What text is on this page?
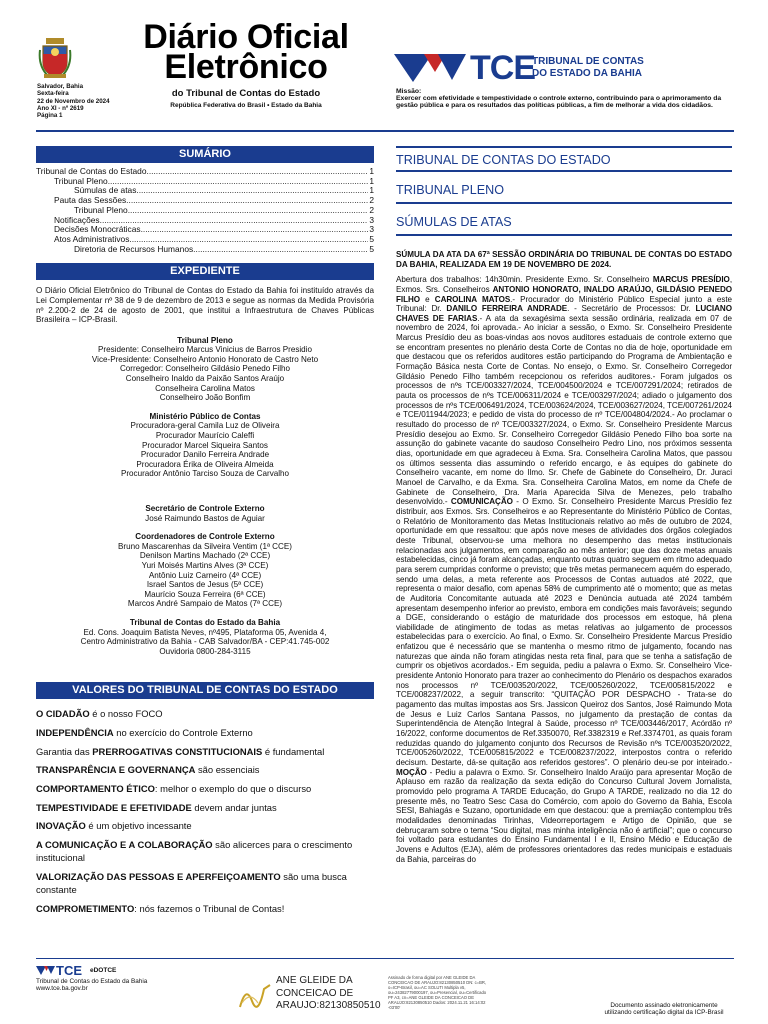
Salvador, Bahia
Sexta-feira
22 de Novembro de 2024
Ano XI - nº 2619
Página 1
Diário Oficial
Eletrônico
do Tribunal de Contas do Estado
República Federativa do Brasil • Estado da Bahia
TCE
TRIBUNAL DE CONTAS
DO ESTADO DA BAHIA
Missão:
Exercer com efetividade e tempestividade o controle externo, contribuindo para o aprimoramento da gestão pública e para os resultados das políticas públicas, a fim de melhorar a vida dos cidadãos.
SUMÁRIO
Tribunal de Contas do Estado .....	1
Tribunal Pleno .....	1
Súmulas de atas .....	1
Pauta das Sessões .....	2
Tribunal Pleno .....	2
Notificações .....	3
Decisões Monocráticas .....	3
Atos Administrativos .....	5
Diretoria de Recursos Humanos .....	5
EXPEDIENTE
O Diário Oficial Eletrônico do Tribunal de Contas do Estado da Bahia foi instituído através da Lei Complementar nº 38 de 9 de dezembro de 2013 e segue as normas da Medida Provisória nº 2.200-2 de 24 de agosto de 2001, que institui a Infraestrutura de Chaves Públicas Brasileira – ICP-Brasil.
Tribunal Pleno
Presidente: Conselheiro Marcus Vinicius de Barros Presidio
Vice-Presidente: Conselheiro Antonio Honorato de Castro Neto
Corregedor: Conselheiro Gildásio Penedo Filho
Conselheiro Inaldo da Paixão Santos Araújo
Conselheira Carolina Matos
Conselheiro João Bonfim
Ministério Público de Contas
Procuradora-geral Camila Luz de Oliveira
Procurador Maurício Caleffi
Procurador Marcel Siqueira Santos
Procurador Danilo Ferreira Andrade
Procuradora Érika de Oliveira Almeida
Procurador Antônio Tarciso Souza de Carvalho
Secretário de Controle Externo
José Raimundo Bastos de Aguiar
Coordenadores de Controle Externo
Bruno Mascarenhas da Silveira Ventim (1ª CCE)
Denilson Martins Machado (2ª CCE)
Yuri Moisés Martins Alves (3ª CCE)
Antônio Luiz Carneiro (4ª CCE)
Israel Santos de Jesus (5ª CCE)
Maurício Souza Ferreira (6ª CCE)
Marcos André Sampaio de Matos (7ª CCE)
Tribunal de Contas do Estado da Bahia
Ed. Cons. Joaquim Batista Neves, nº495, Plataforma 05, Avenida 4,
Centro Administrativo da Bahia - CAB Salvador/BA - CEP:41.745-002
Ouvidoria 0800-284-3115
VALORES DO TRIBUNAL DE CONTAS DO ESTADO
O CIDADÃO é o nosso FOCO
INDEPENDÊNCIA no exercício do Controle Externo
Garantia das PRERROGATIVAS CONSTITUCIONAIS é fundamental
TRANSPARÊNCIA E GOVERNANÇA são essenciais
COMPORTAMENTO ÉTICO: melhor o exemplo do que o discurso
TEMPESTIVIDADE E EFETIVIDADE devem andar juntas
INOVAÇÃO é um objetivo incessante
A COMUNICAÇÃO E A COLABORAÇÃO são alicerces para o crescimento institucional
VALORIZAÇÃO DAS PESSOAS E APERFEIÇOAMENTO são uma busca constante
COMPROMETIMENTO: nós fazemos o Tribunal de Contas!
TRIBUNAL DE CONTAS DO ESTADO
TRIBUNAL PLENO
SÚMULAS DE ATAS
SÚMULA DA ATA DA 67ª SESSÃO ORDINÁRIA DO TRIBUNAL DE CONTAS DO ESTADO DA BAHIA, REALIZADA EM 19 DE NOVEMBRO DE 2024.
Abertura dos trabalhos: 14h30min. Presidente Exmo. Sr. Conselheiro MARCUS PRESÍDIO, Exmos. Srs. Conselheiros ANTONIO HONORATO, INALDO ARAÚJO, GILDÁSIO PENEDO FILHO e CAROLINA MATOS.- Procurador do Ministério Público Especial junto a este Tribunal: Dr. DANILO FERREIRA ANDRADE. - Secretário de Processos: Dr. LUCIANO CHAVES DE FARIAS.- A ata da sexagésima sexta sessão ordinária, realizada em 07 de novembro de 2024, foi aprovada.- Ao iniciar a sessão, o Exmo. Sr. Conselheiro Presidente Marcus Presídio deu as boas-vindas aos novos auditores estaduais de controle externo que se encontram presentes no plenário desta Corte de Contas no dia de hoje, oportunidade em que destacou que os referidos auditores estão participando do Programa de Ambientação e Formação Básica nesta Corte de Contas. No ensejo, o Exmo. Sr. Conselheiro Corregedor Gildásio Penedo Filho também recepcionou os referidos auditores.- Foram julgados os processos de nºs TCE/003327/2024, TCE/004500/2024 e TCE/007291/2024; retirados de pauta os processos de nºs TCE/006311/2024 e TCE/003297/2024; adiado o julgamento dos processos de nºs TCE/006491/2024, TCE/003624/2024, TCE/003627/2024, TCE/007261/2024 e TCE/011944/2023; e pedido de vista do processo de nº TCE/004804/2024.- Ao proclamar o resultado do processo de nº TCE/003327/2024, o Exmo. Sr. Conselheiro Presidente Marcus Presídio desejou ao Exmo. Sr. Conselheiro Corregedor Gildásio Penedo Filho boa sorte na assunção do gabinete vacante do saudoso Conselheiro Pedro Lino, nos próximos sessenta dias, oportunidade em que agradeceu à Exma. Sra. Conselheira Carolina Matos, que passou os últimos sessenta dias assumindo o referido encargo, e às equipes do gabinete do Conselheiro vacante, em nome do Ilmo. Sr. Chefe de Gabinete do Conselheiro, Dr. Juraci Manoel de Carvalho, e da Exma. Sra. Conselheira Carolina Matos, em nome da Chefe de Gabinete de Conselheiro, Dra. Maria Aparecida Silva de Menezes, pelo trabalho desenvolvido.- COMUNICAÇÃO - O Exmo. Sr. Conselheiro Presidente Marcus Presídio fez distribuir, aos Exmos. Srs. Conselheiros e ao Representante do Ministério Público de Contas, o Relatório de Monitoramento das Metas Institucionais relativo ao mês de outubro de 2024, oportunidade em que ressaltou: que após nove meses de atividades dos órgãos colegiados deste Tribunal, observou-se uma melhora no desempenho das metas institucionais relacionadas aos julgamentos, em comparação ao mês anterior; que das doze metas anuais estabelecidas, cinco já foram alcançadas, enquanto outras quatro seguem em ritmo adequado para serem cumpridas conforme o previsto; que três metas permanecem aquém do esperado, sendo uma delas, a meta referente aos Processos de Contas autuados até 2022, que representa o maior desafio, com apenas 58% de cumprimento até o momento; que as metas de Auditoria Concomitante autuada até 2023 e Denúncia autuada até 2024 também apresentam desempenho inferior ao previsto, embora em condições mais favoráveis; segundo a DGE, considerando o estágio de maturidade dos processos em estoque, há plena viabilidade de atingimento de todas as metas relativas ao julgamento de processos estabelecidas para o exercício. Ao final, o Exmo. Sr. Conselheiro Presidente Marcus Presídio enfatizou que é necessário que se mantenha o mesmo ritmo de julgamento, focando nas naturezas que ainda não foram atingidas nesta reta final, para que se tenha a satisfação de cumprir os objetivos acordados.- Em seguida, pediu a palavra o Exmo. Sr. Conselheiro Vice-presidente Antonio Honorato para trazer ao conhecimento do Plenário os despachos exarados nos processos nº TCE/003520/2022, TCE/005260/2022, TCE/005815/2022 e TCE/008237/2022, a seguir transcrito: “QUITAÇÃO POR DESPACHO - Trata-se do pagamento das multas impostas aos Srs. Jassicon Queiroz dos Santos, José Raimundo Mota de Jesus e Luiz Carlos Santana Passos, no julgamento da prestação de contas da Superintendência de Atenção Integral à Saúde, processo nº TCE/003446/2017, Acórdão nº 16/2022, conforme documentos de Ref.3350070, Ref.3382319 e Ref.3374701, as quais foram reduzidas quando do julgamento conjunto dos Recursos de Revisão nºs TCE/003520/2022, TCE/005260/2022, TCE/005815/2022 e TCE/008237/2022, interpostos contra o referido decisum. Destarte, dá-se quitação aos referidos gestores”. O plenário deu-se por inteirado.- MOÇÃO - Pediu a palavra o Exmo. Sr. Conselheiro Inaldo Araújo para apresentar Moção de Aplauso em razão da realização da sexta edição do Concurso Cultural Jovem Jornalista, promovido pelo programa A TARDE Educação, do Grupo A TARDE, realizado no dia 12 do presente mês, no Teatro Sesc Casa do Comércio, com apoio do Governo da Bahia, Escola SESI, Bahiagás e Suzano, oportunidade em que destacou: que a premiação contemplou três modalidades denominadas Tirinhas, Videorreportagem e Artigo de Opinião, que se debruçaram sobre o tema “Sou digital, mas minha inteligência não é artificial”; que o concurso foi voltado para estudantes do Ensino Fundamental I e II, Ensino Médio e Educação de Jovens e Adultos (EJA), além de professores orientadores das redes municipais e estaduais da Bahia, parceiras do
TCE eDOTCE
Tribunal de Contas do Estado da Bahia
www.tce.ba.gov.br
ANE GLEIDE DA
CONCEICAO DE
ARAUJO:82130850510
Assinado de forma digital por ANE GLEIDE DA CONCEICAO DE ARAUJO:82130850510 DN: c=BR, o=ICP-Brasil, ou=AC SOLUTI Multipla v5, ou=24382779000197, ou=Presencial, ou=Certificado PF A3, cn=ANE GLEIDE DA CONCEICAO DE ARAUJO:82130850510 Dados: 2024.11.21 16:14:02 -03'00'	Documento assinado eletronicamente
utilizando certificação digital da ICP-Brasil
